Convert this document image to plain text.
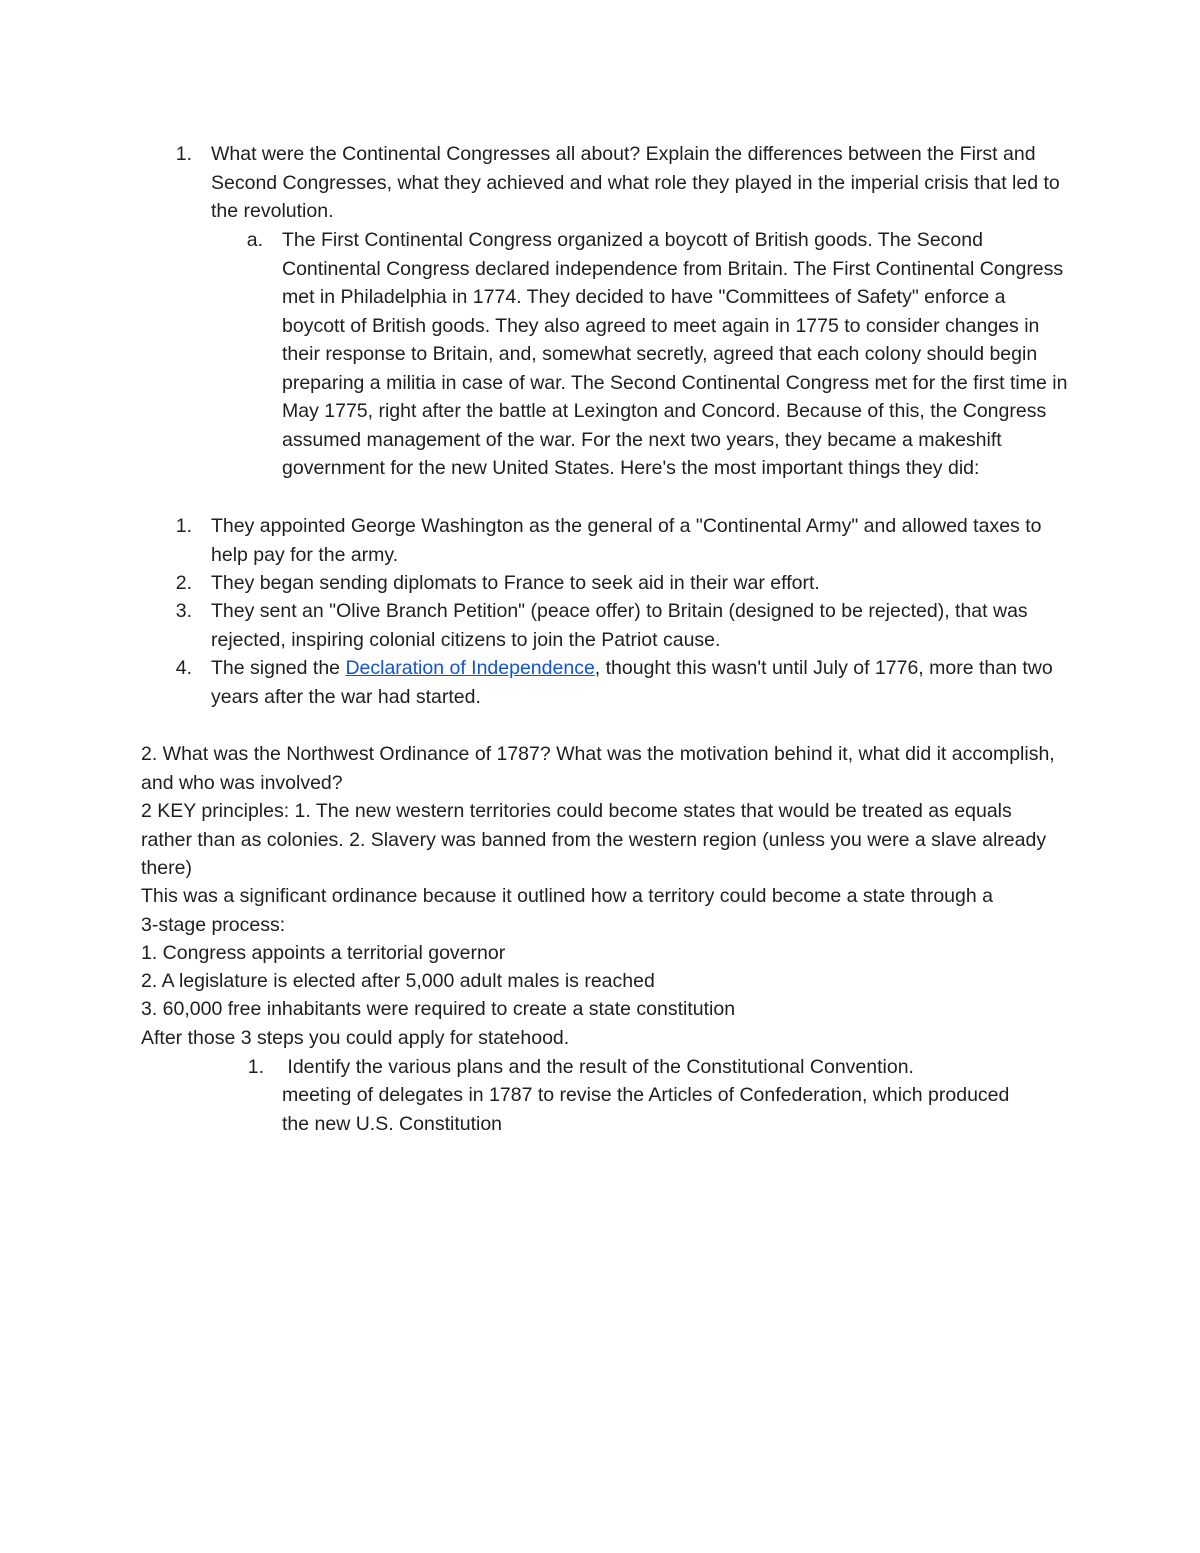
1. What were the Continental Congresses all about? Explain the differences between the First and Second Congresses, what they achieved and what role they played in the imperial crisis that led to the revolution.
a. The First Continental Congress organized a boycott of British goods. The Second Continental Congress declared independence from Britain. The First Continental Congress met in Philadelphia in 1774. They decided to have "Committees of Safety" enforce a boycott of British goods. They also agreed to meet again in 1775 to consider changes in their response to Britain, and, somewhat secretly, agreed that each colony should begin preparing a militia in case of war. The Second Continental Congress met for the first time in May 1775, right after the battle at Lexington and Concord. Because of this, the Congress assumed management of the war. For the next two years, they became a makeshift government for the new United States. Here's the most important things they did:
1. They appointed George Washington as the general of a "Continental Army" and allowed taxes to help pay for the army.
2. They began sending diplomats to France to seek aid in their war effort.
3. They sent an "Olive Branch Petition" (peace offer) to Britain (designed to be rejected), that was rejected, inspiring colonial citizens to join the Patriot cause.
4. The signed the Declaration of Independence, thought this wasn't until July of 1776, more than two years after the war had started.
2. What was the Northwest Ordinance of 1787? What was the motivation behind it, what did it accomplish, and who was involved?
2 KEY principles: 1. The new western territories could become states that would be treated as equals rather than as colonies. 2. Slavery was banned from the western region (unless you were a slave already there)
This was a significant ordinance because it outlined how a territory could become a state through a 3-stage process:
1. Congress appoints a territorial governor
2. A legislature is elected after 5,000 adult males is reached
3. 60,000 free inhabitants were required to create a state constitution
After those 3 steps you could apply for statehood.
1. Identify the various plans and the result of the Constitutional Convention.
meeting of delegates in 1787 to revise the Articles of Confederation, which produced the new U.S. Constitution
